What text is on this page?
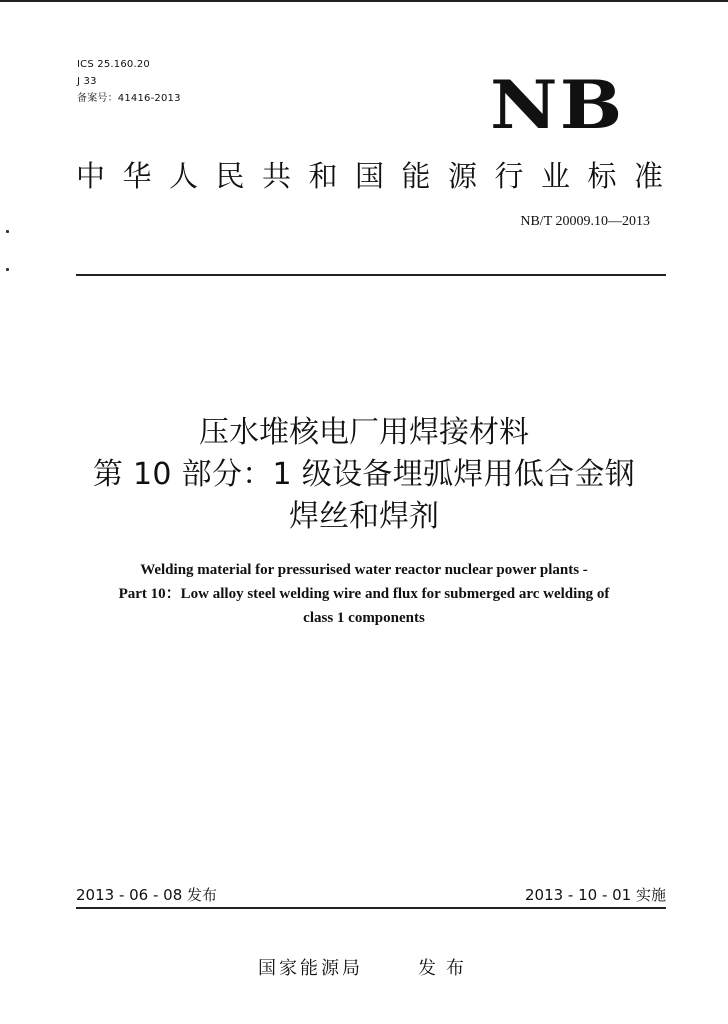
ICS 25.160.20
J 33
备案号：41416-2013	NB
中华人民共和国能源行业标准
NB/T 20009.10—2013
压水堆核电厂用焊接材料
第 10 部分：1 级设备埋弧焊用低合金钢
焊丝和焊剂
Welding material for pressurised water reactor nuclear power plants -
Part 10：Low alloy steel welding wire and flux for submerged arc welding of
class 1 components
2013 - 06 - 08 发布	2013 - 10 - 01 实施
国家能源局	发布
